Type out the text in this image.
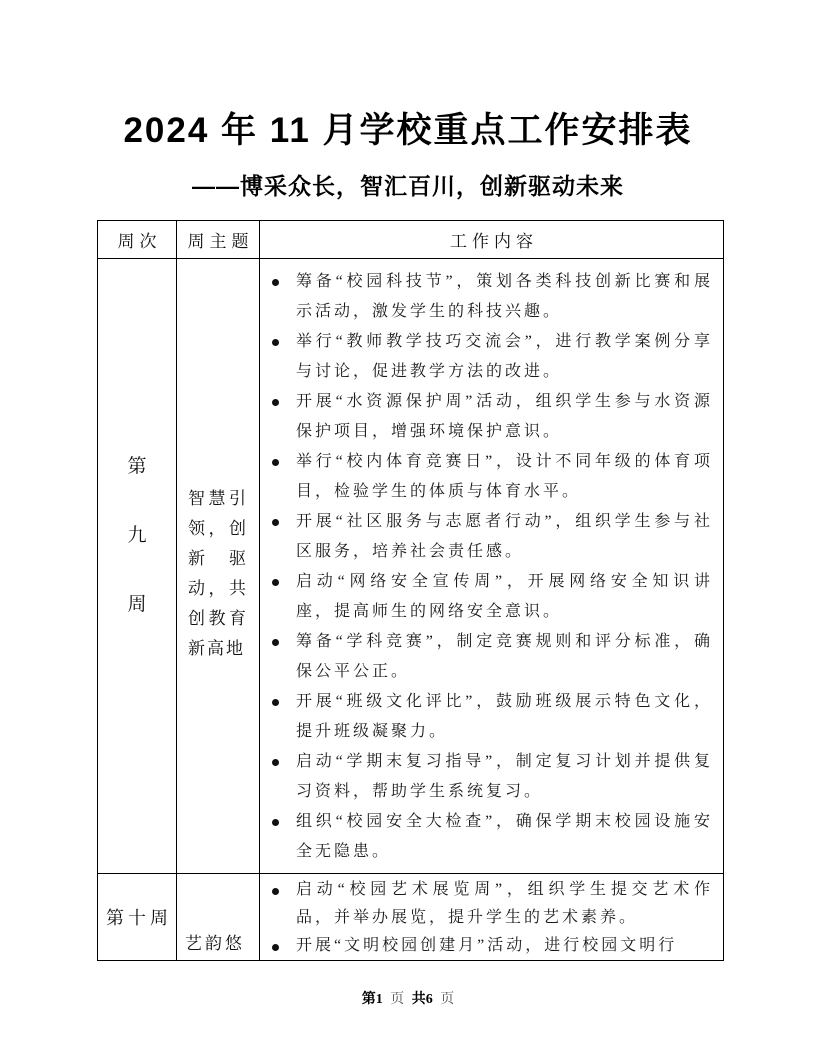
2024 年 11 月学校重点工作安排表
——博采众长，智汇百川，创新驱动未来
周次	周主题	工作内容
第
九
周
智慧引领，创新驱动，共创教育新高地
筹备“校园科技节”，策划各类科技创新比赛和展示活动，激发学生的科技兴趣。
举行“教师教学技巧交流会”，进行教学案例分享与讨论，促进教学方法的改进。
开展“水资源保护周”活动，组织学生参与水资源保护项目，增强环境保护意识。
举行“校内体育竞赛日”，设计不同年级的体育项目，检验学生的体质与体育水平。
开展“社区服务与志愿者行动”，组织学生参与社区服务，培养社会责任感。
启动“网络安全宣传周”，开展网络安全知识讲座，提高师生的网络安全意识。
筹备“学科竞赛”，制定竞赛规则和评分标准，确保公平公正。
开展“班级文化评比”，鼓励班级展示特色文化，提升班级凝聚力。
启动“学期末复习指导”，制定复习计划并提供复习资料，帮助学生系统复习。
组织“校园安全大检查”，确保学期末校园设施安全无隐患。
第十周
艺韵悠
启动“校园艺术展览周”，组织学生提交艺术作品，并举办展览，提升学生的艺术素养。
开展“文明校园创建月”活动，进行校园文明行
第1 页 共6 页
